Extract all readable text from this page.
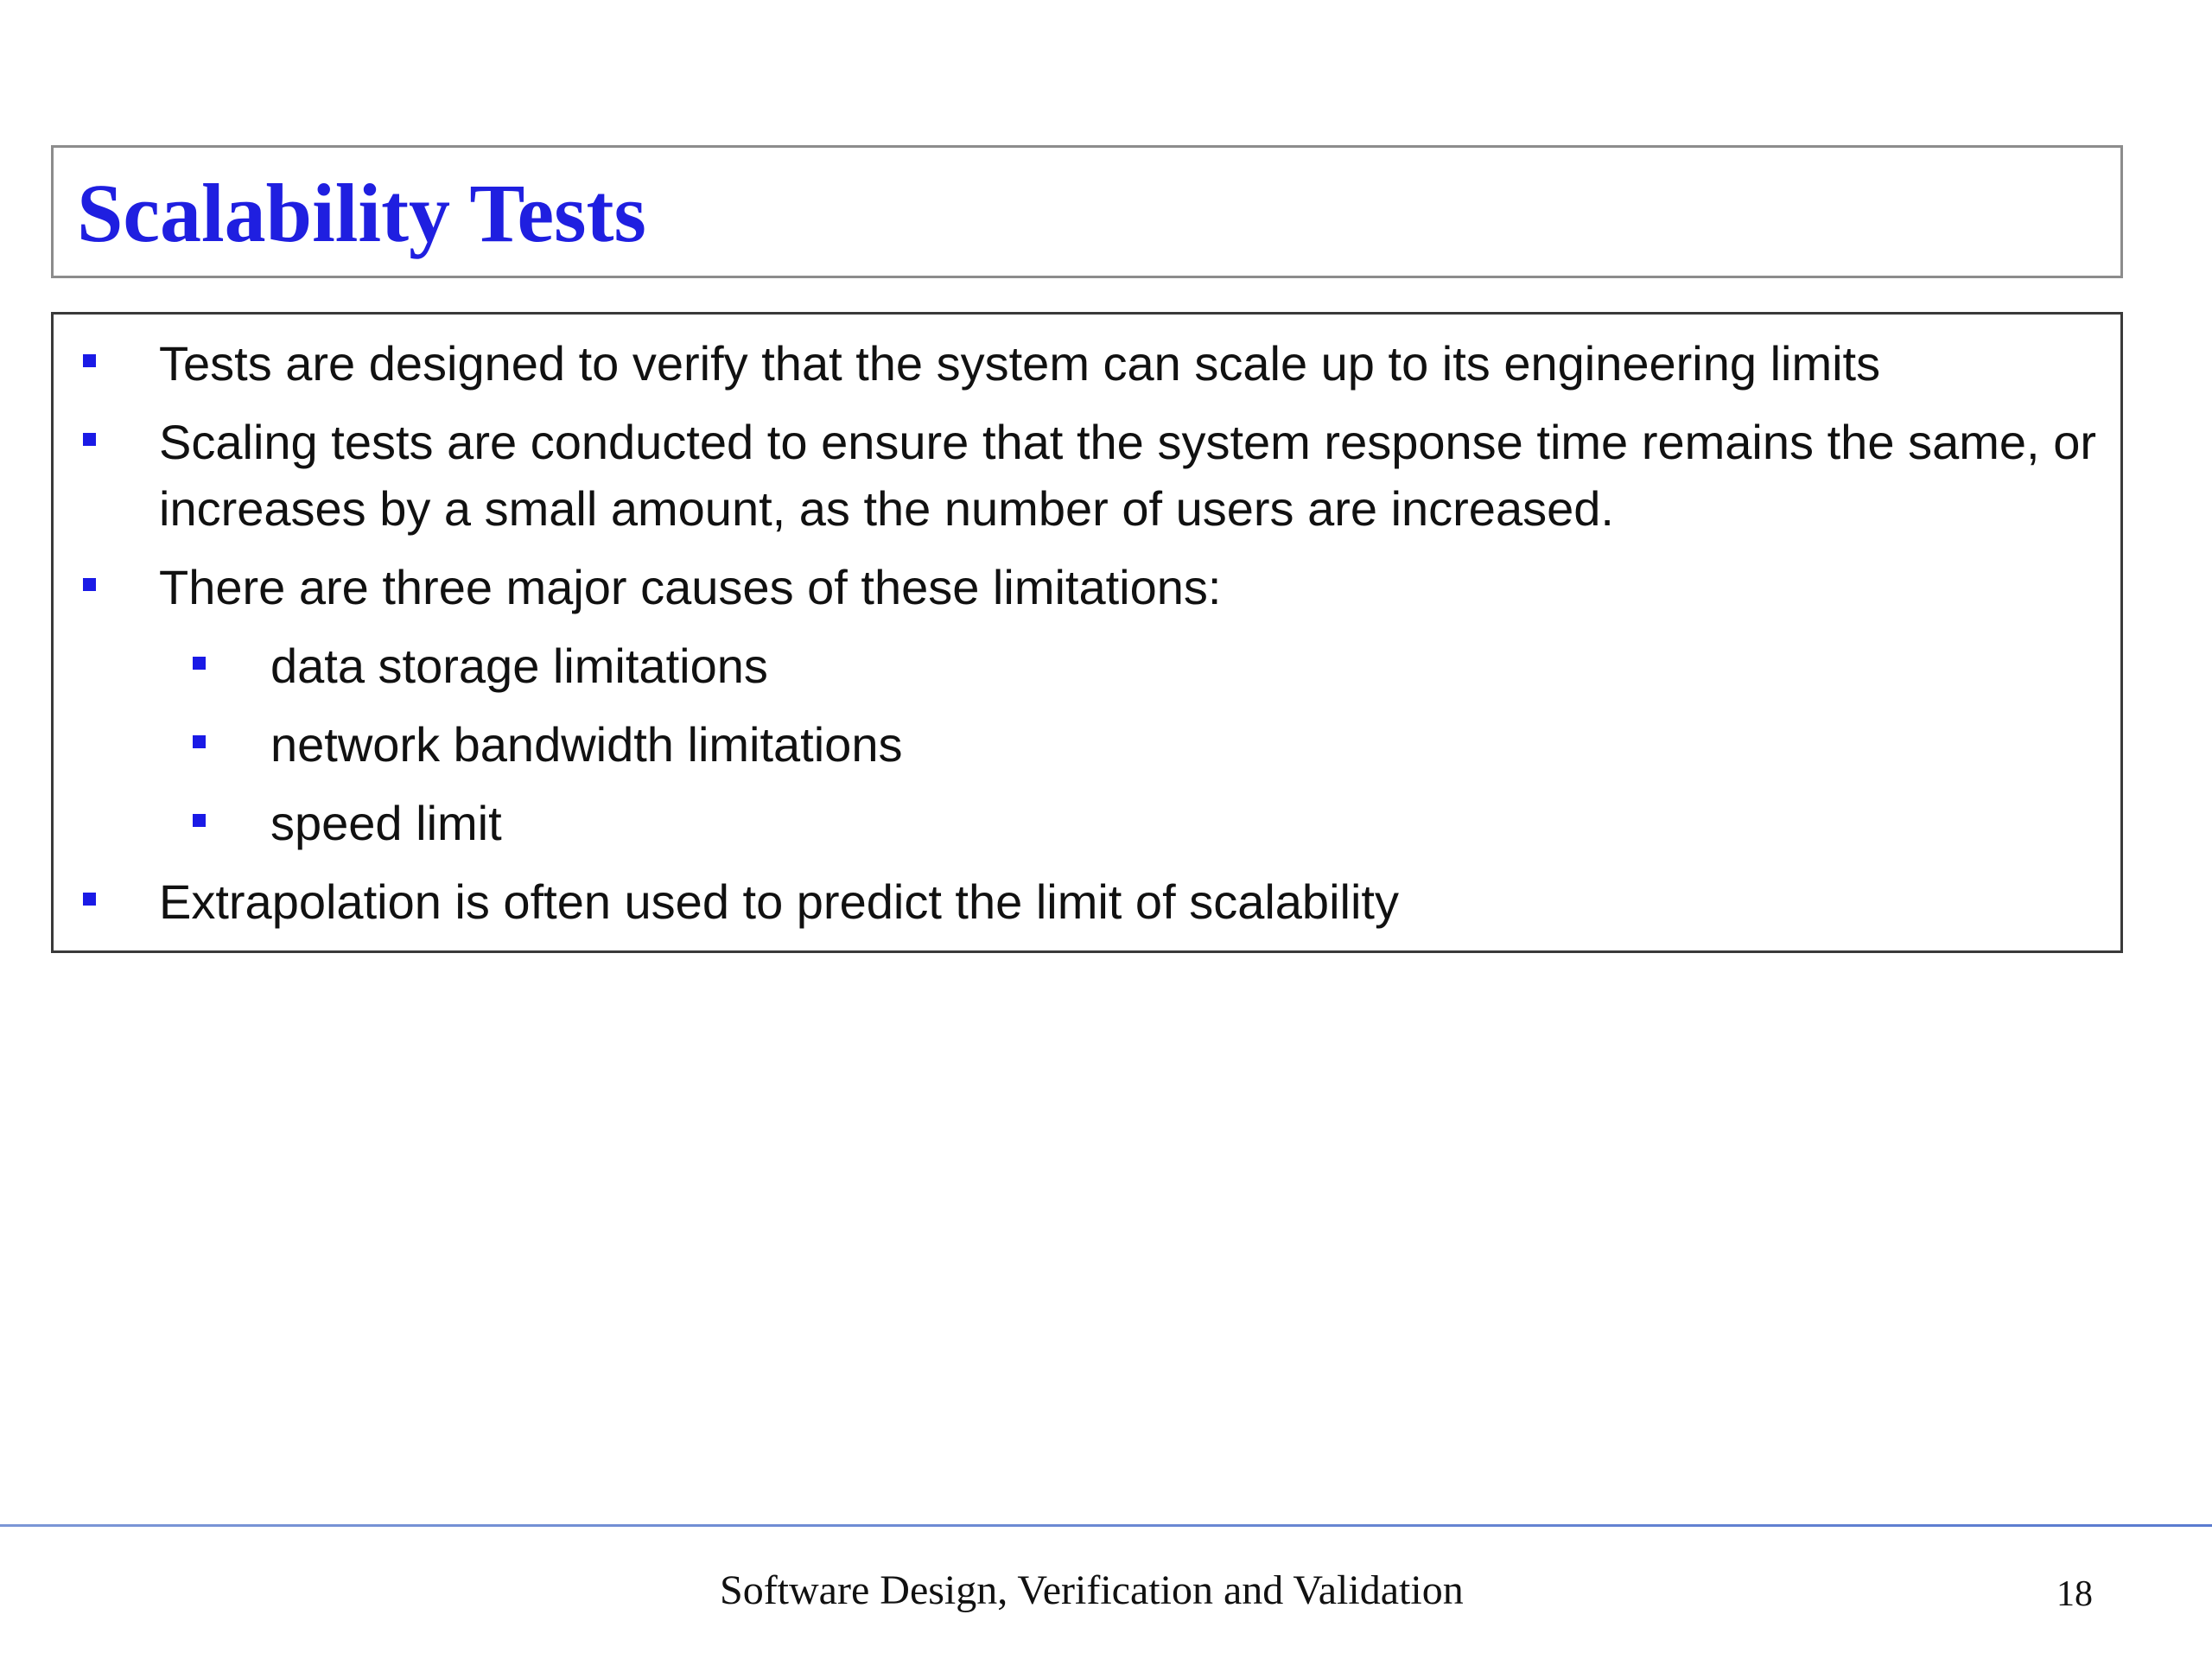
Scalability Tests
Tests are designed to verify that the system can scale up to its engineering limits
Scaling tests are conducted to ensure that the system response time remains the same, or increases by a small amount, as the number of users are increased.
There are three major causes of these limitations:
data storage limitations
network bandwidth limitations
speed limit
Extrapolation is often used to predict the limit of scalability
Software Design, Verification and Validation	18
